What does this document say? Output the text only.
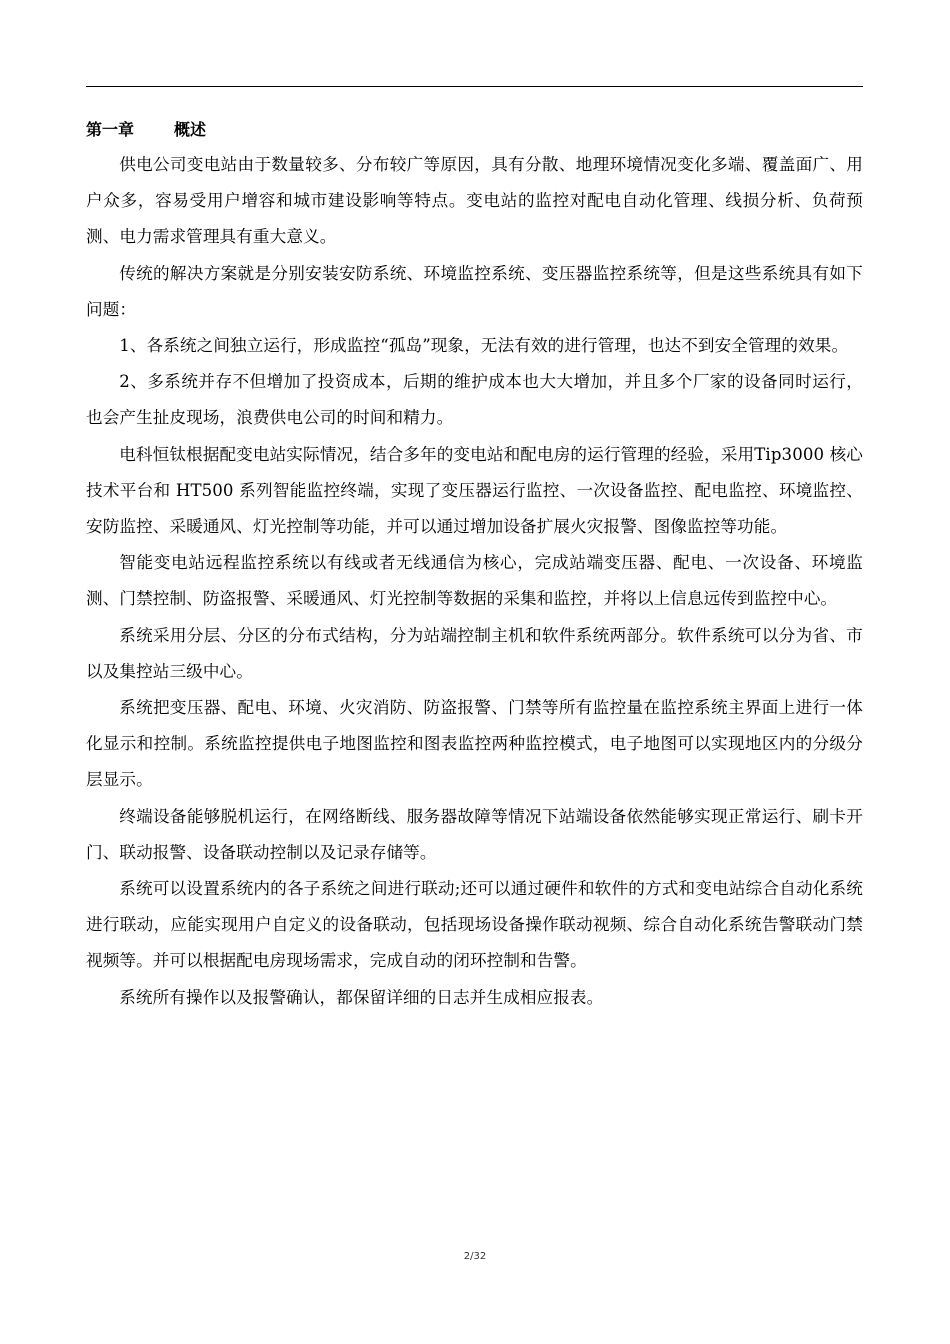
第一章	概述

供电公司变电站由于数量较多、分布较广等原因，具有分散、地理环境情况变化多端、覆盖面广、用户众多，容易受用户增容和城市建设影响等特点。变电站的监控对配电自动化管理、线损分析、负荷预测、电力需求管理具有重大意义。

传统的解决方案就是分别安装安防系统、环境监控系统、变压器监控系统等，但是这些系统具有如下问题：

1、各系统之间独立运行，形成监控“孤岛”现象，无法有效的进行管理，也达不到安全管理的效果。

2、多系统并存不但增加了投资成本，后期的维护成本也大大增加，并且多个厂家的设备同时运行，也会产生扯皮现场，浪费供电公司的时间和精力。

电科恒钛根据配变电站实际情况，结合多年的变电站和配电房的运行管理的经验，采用Tip3000 核心技术平台和 HT500 系列智能监控终端，实现了变压器运行监控、一次设备监控、配电监控、环境监控、安防监控、采暖通风、灯光控制等功能，并可以通过增加设备扩展火灾报警、图像监控等功能。

智能变电站远程监控系统以有线或者无线通信为核心，完成站端变压器、配电、一次设备、环境监测、门禁控制、防盗报警、采暖通风、灯光控制等数据的采集和监控，并将以上信息远传到监控中心。

系统采用分层、分区的分布式结构，分为站端控制主机和软件系统两部分。软件系统可以分为省、市以及集控站三级中心。

系统把变压器、配电、环境、火灾消防、防盗报警、门禁等所有监控量在监控系统主界面上进行一体化显示和控制。系统监控提供电子地图监控和图表监控两种监控模式，电子地图可以实现地区内的分级分层显示。

终端设备能够脱机运行，在网络断线、服务器故障等情况下站端设备依然能够实现正常运行、刷卡开门、联动报警、设备联动控制以及记录存储等。

系统可以设置系统内的各子系统之间进行联动;还可以通过硬件和软件的方式和变电站综合自动化系统进行联动，应能实现用户自定义的设备联动，包括现场设备操作联动视频、综合自动化系统告警联动门禁视频等。并可以根据配电房现场需求，完成自动的闭环控制和告警。

系统所有操作以及报警确认，都保留详细的日志并生成相应报表。

2/32
